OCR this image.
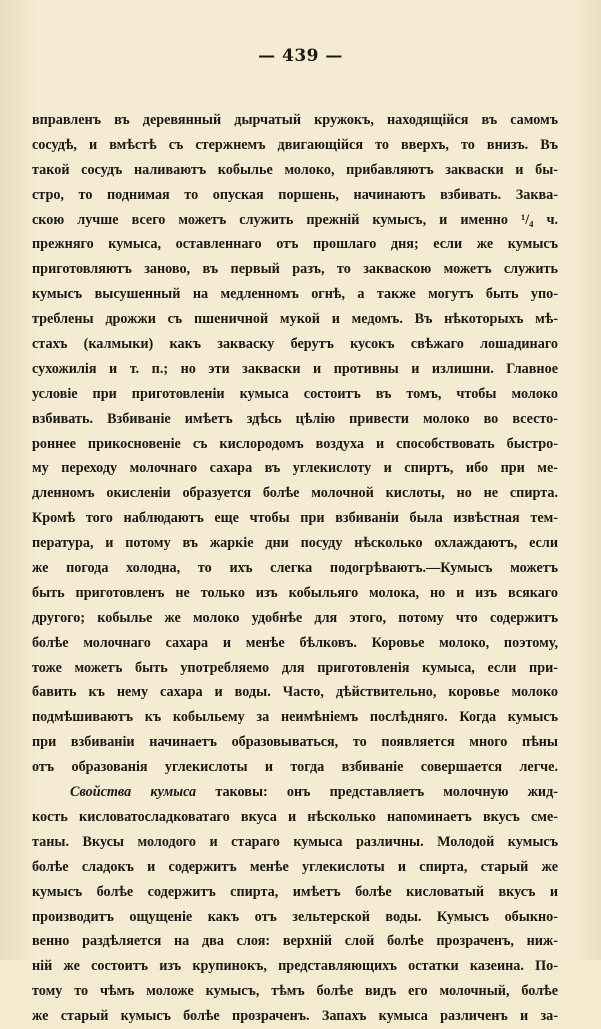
— 439 —
вправленъ въ деревянный дырчатый кружокъ, находящійся въ самомъ
сосудѣ, и вмѣстѣ съ стержнемъ двигающійся то вверхъ, то внизъ. Въ
такой сосудъ наливаютъ кобылье молоко, прибавляютъ закваски и бы-
стро, то поднимая то опуская поршень, начинаютъ взбивать. Заква-
скою лучше всего можетъ служить прежній кумысъ, и именно ¹/₄ ч.
прежняго кумыса, оставленнаго отъ прошлаго дня; если же кумысъ
приготовляютъ заново, въ первый разъ, то закваскою можетъ служить
кумысъ высушенный на медленномъ огнѣ, а также могутъ быть упо-
треблены дрожжи съ пшеничной мукой и медомъ. Въ нѣкоторыхъ мѣ-
стахъ (калмыки) какъ закваску берутъ кусокъ свѣжаго лошадинаго
сухожилія и т. п.; но эти закваски и противны и излишни. Главное
условіе при приготовленіи кумыса состоитъ въ томъ, чтобы молоко
взбивать. Взбиваніе имѣетъ здѣсь цѣлію привести молоко во всесто-
роннее прикосновеніе съ кислородомъ воздуха и способствовать быстро-
му переходу молочнаго сахара въ углекислоту и спиртъ, ибо при ме-
дленномъ окисленіи образуется болѣе молочной кислоты, но не спирта.
Кромѣ того наблюдаютъ еще чтобы при взбиваніи была извѣстная тем-
пература, и потому въ жаркіе дни посуду нѣсколько охлаждаютъ, если
же погода холодна, то ихъ слегка подогрѣваютъ.—Кумысъ можетъ
быть приготовленъ не только изъ кобыльяго молока, но и изъ всякаго
другого; кобылье же молоко удобнѣе для этого, потому что содержитъ
болѣе молочнаго сахара и менѣе бѣлковъ. Коровье молоко, поэтому,
тоже можетъ быть употребляемо для приготовленія кумыса, если при-
бавить къ нему сахара и воды. Часто, дѣйствительно, коровье молоко
подмѣшиваютъ къ кобыльему за неимѣніемъ послѣдняго. Когда кумысъ
при взбиваніи начинаетъ образовываться, то появляется много пѣны
отъ образованія углекислоты и тогда взбиваніе совершается легче.
Свойства кумыса таковы: онъ представляетъ молочную жид-
кость кисловатосладковатаго вкуса и нѣсколько напоминаетъ вкусъ сме-
таны. Вкусы молодого и стараго кумыса различны. Молодой кумысъ
болѣе сладокъ и содержитъ менѣе углекислоты и спирта, старый же
кумысъ болѣе содержитъ спирта, имѣетъ болѣе кисловатый вкусъ и
производитъ ощущеніе какъ отъ зельтерской воды. Кумысъ обыкно-
венно раздѣляется на два слоя: верхній слой болѣе прозраченъ, ниж-
ній же состоитъ изъ крупинокъ, представляющихъ остатки казеина. По-
тому то чѣмъ моложе кумысъ, тѣмъ болѣе видъ его молочный, болѣе
же старый кумысъ болѣе прозраченъ. Запахъ кумыса различенъ и за-
